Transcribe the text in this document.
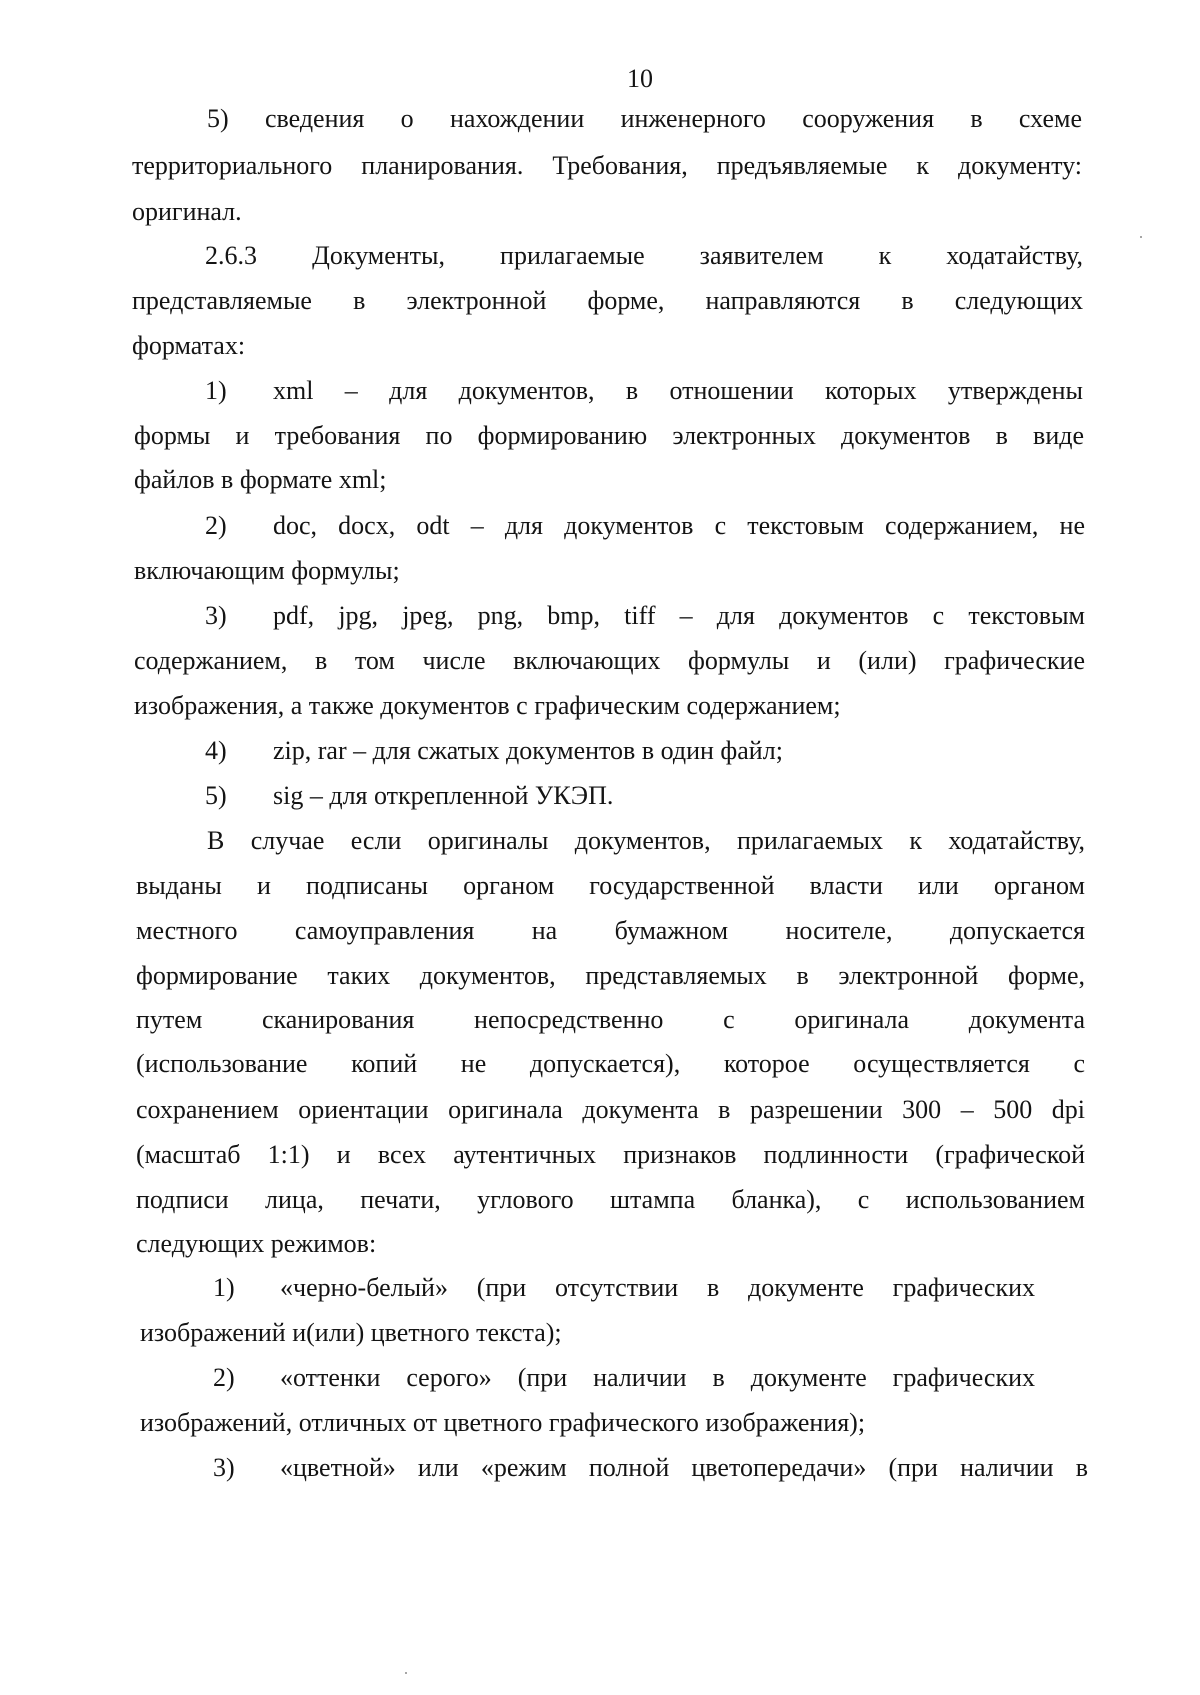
10
5) сведения о нахождении инженерного сооружения в схеме
территориального планирования. Требования, предъявляемые к документу:
оригинал.
2.6.3 Документы, прилагаемые заявителем к ходатайству,
представляемые в электронной форме, направляются в следующих
форматах:
1) xml – для документов, в отношении которых утверждены
формы и требования по формированию электронных документов в виде
файлов в формате xml;
2) doc, docx, odt – для документов с текстовым содержанием, не
включающим формулы;
3) pdf, jpg, jpeg, png, bmp, tiff – для документов с текстовым
содержанием, в том числе включающих формулы и (или) графические
изображения, а также документов с графическим содержанием;
4) zip, rar – для сжатых документов в один файл;
5) sig – для открепленной УКЭП.
В случае если оригиналы документов, прилагаемых к ходатайству,
выданы и подписаны органом государственной власти или органом
местного самоуправления на бумажном носителе, допускается
формирование таких документов, представляемых в электронной форме,
путем сканирования непосредственно с оригинала документа
(использование копий не допускается), которое осуществляется с
сохранением ориентации оригинала документа в разрешении 300 – 500 dpi
(масштаб 1:1) и всех аутентичных признаков подлинности (графической
подписи лица, печати, углового штампа бланка), с использованием
следующих режимов:
1) «черно-белый» (при отсутствии в документе графических
изображений и(или) цветного текста);
2) «оттенки серого» (при наличии в документе графических
изображений, отличных от цветного графического изображения);
3) «цветной» или «режим полной цветопередачи» (при наличии в
